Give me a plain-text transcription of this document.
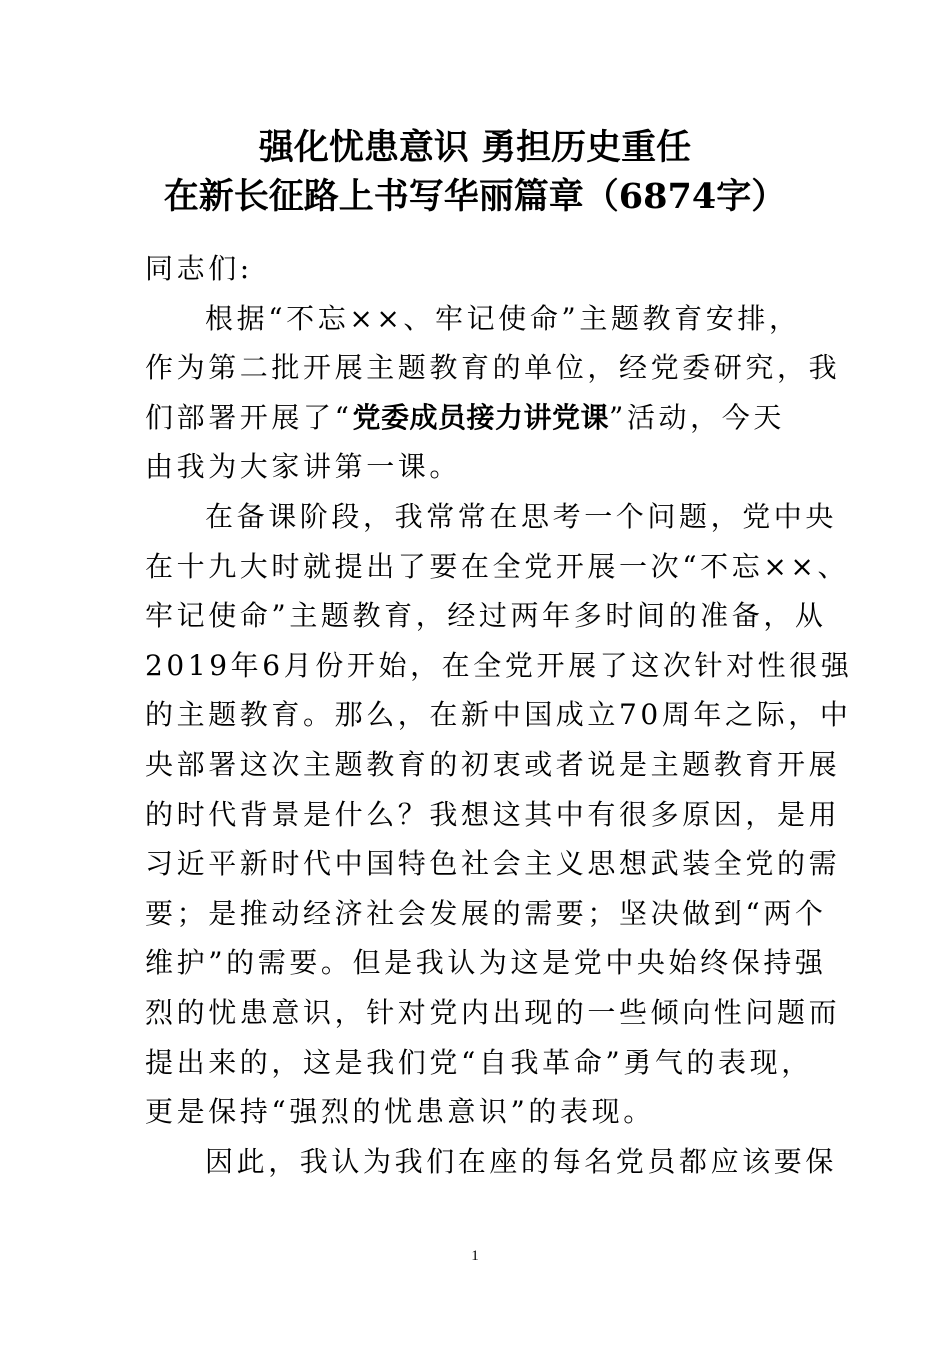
强化忧患意识 勇担历史重任
在新长征路上书写华丽篇章（6874字）
同志们:
根据“不忘××、牢记使命”主题教育安排，
作为第二批开展主题教育的单位，经党委研究，我
们部署开展了“党委成员接力讲党课”活动，今天
由我为大家讲第一课。
在备课阶段，我常常在思考一个问题，党中央
在十九大时就提出了要在全党开展一次“不忘××、
牢记使命”主题教育，经过两年多时间的准备，从
2019年6月份开始，在全党开展了这次针对性很强
的主题教育。那么，在新中国成立70周年之际，中
央部署这次主题教育的初衷或者说是主题教育开展
的时代背景是什么？我想这其中有很多原因，是用
习近平新时代中国特色社会主义思想武装全党的需
要；是推动经济社会发展的需要；坚决做到“两个
维护”的需要。但是我认为这是党中央始终保持强
烈的忧患意识，针对党内出现的一些倾向性问题而
提出来的，这是我们党“自我革命”勇气的表现，
更是保持“强烈的忧患意识”的表现。
因此，我认为我们在座的每名党员都应该要保
1
